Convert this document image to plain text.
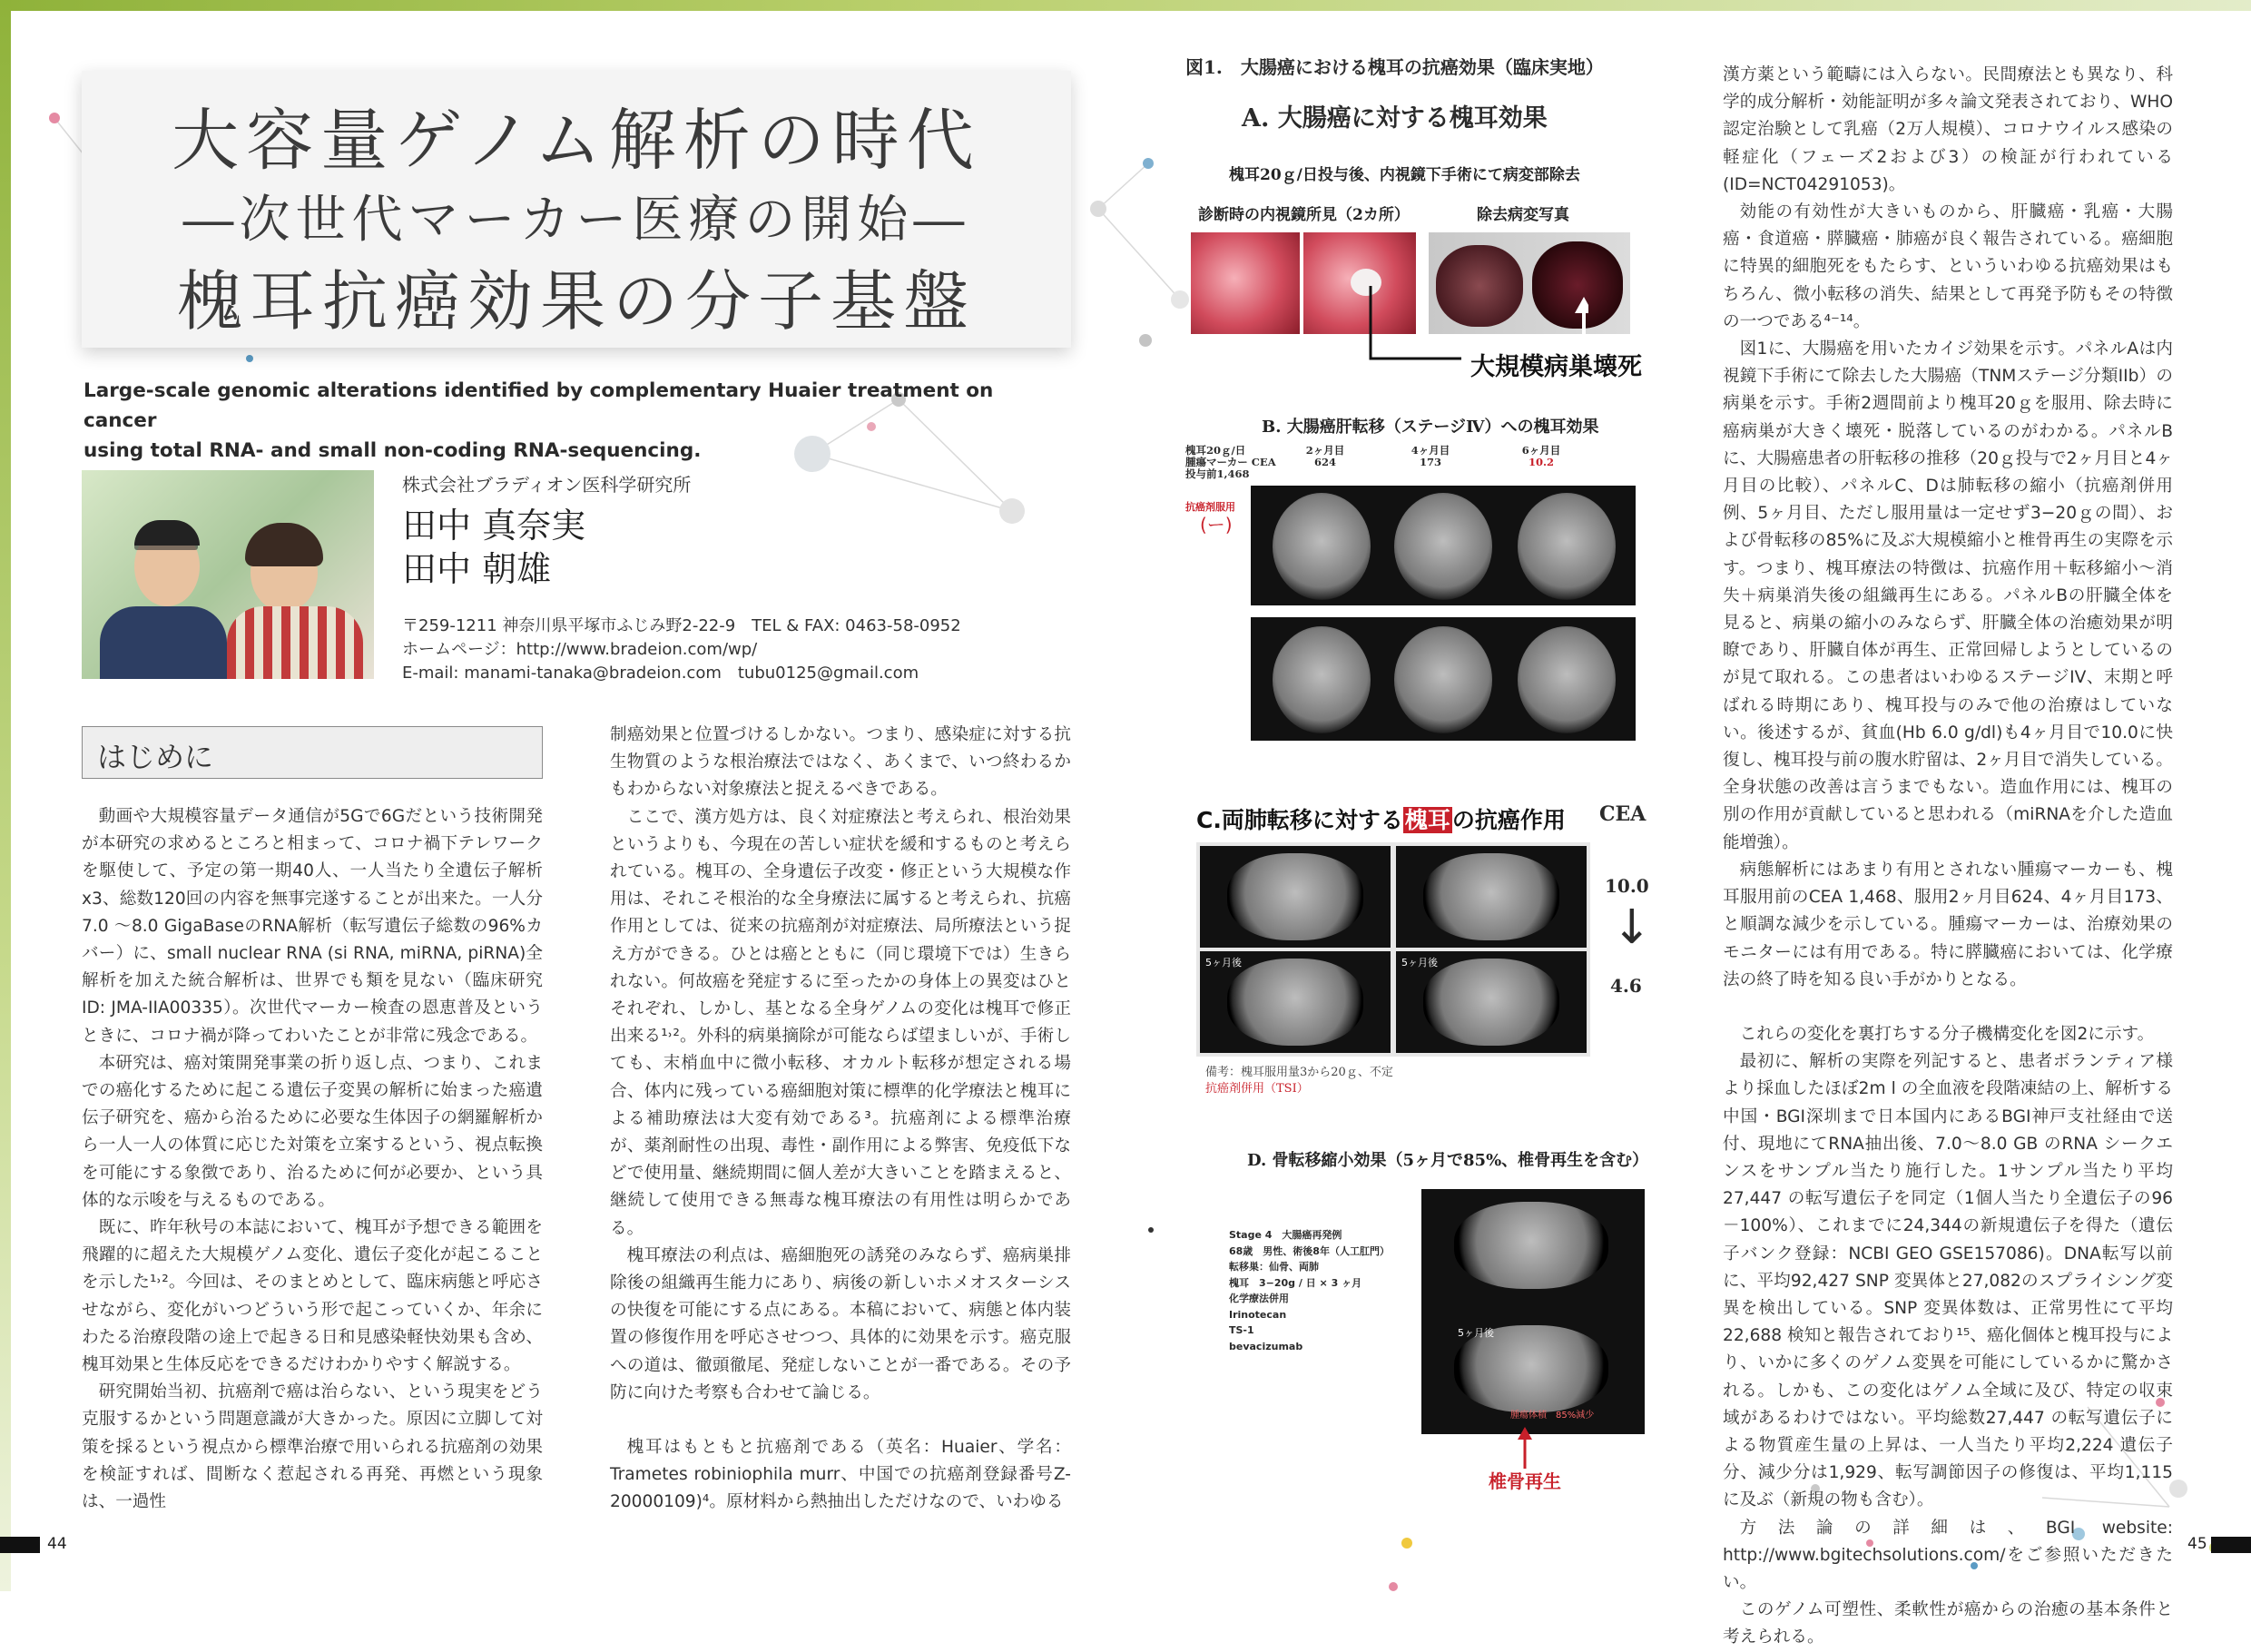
大容量ゲノム解析の時代
―次世代マーカー医療の開始―
槐耳抗癌効果の分子基盤
Large-scale genomic alterations identified by complementary Huaier treatment on cancer
using total RNA- and small non-coding RNA-sequencing.
株式会社ブラディオン医科学研究所
田中 真奈実
田中 朝雄
〒259-1211 神奈川県平塚市ふじみ野2-22-9　TEL & FAX: 0463-58-0952
ホームページ：http://www.bradeion.com/wp/
E-mail: manami-tanaka@bradeion.com　tubu0125@gmail.com
はじめに

動画や大規模容量データ通信が5Gで6Gだという技術開発が本研究の求めるところと相まって、コロナ禍下テレワークを駆使して、予定の第一期40人、一人当たり全遺伝子解析x3、総数120回の内容を無事完遂することが出来た。一人分7.0 ～8.0 GigaBaseのRNA解析（転写遺伝子総数の96%カバー）に、small nuclear RNA (si RNA, miRNA, piRNA)全解析を加えた統合解析は、世界でも類を見ない（臨床研究ID: JMA-IIA00335）。次世代マーカー検査の恩恵普及というときに、コロナ禍が降ってわいたことが非常に残念である。

本研究は、癌対策開発事業の折り返し点、つまり、これまでの癌化するために起こる遺伝子変異の解析に始まった癌遺伝子研究を、癌から治るために必要な生体因子の網羅解析から一人一人の体質に応じた対策を立案するという、視点転換を可能にする象徴であり、治るために何が必要か、という具体的な示唆を与えるものである。

既に、昨年秋号の本誌において、槐耳が予想できる範囲を飛躍的に超えた大規模ゲノム変化、遺伝子変化が起こることを示した¹˒²。今回は、そのまとめとして、臨床病態と呼応させながら、変化がいつどういう形で起こっていくか、年余にわたる治療段階の途上で起きる日和見感染軽快効果も含め、槐耳効果と生体反応をできるだけわかりやすく解説する。

研究開始当初、抗癌剤で癌は治らない、という現実をどう克服するかという問題意識が大きかった。原因に立脚して対策を採るという視点から標準治療で用いられる抗癌剤の効果を検証すれば、間断なく惹起される再発、再燃という現象は、一過性

制癌効果と位置づけるしかない。つまり、感染症に対する抗生物質のような根治療法ではなく、あくまで、いつ終わるかもわからない対象療法と捉えるべきである。

ここで、漢方処方は、良く対症療法と考えられ、根治効果というよりも、今現在の苦しい症状を緩和するものと考えられている。槐耳の、全身遺伝子改変・修正という大規模な作用は、それこそ根治的な全身療法に属すると考えられ、抗癌作用としては、従来の抗癌剤が対症療法、局所療法という捉え方ができる。ひとは癌とともに（同じ環境下では）生きられない。何故癌を発症するに至ったかの身体上の異変はひとそれぞれ、しかし、基となる全身ゲノムの変化は槐耳で修正出来る¹˒²。外科的病巣摘除が可能ならば望ましいが、手術しても、末梢血中に微小転移、オカルト転移が想定される場合、体内に残っている癌細胞対策に標準的化学療法と槐耳による補助療法は大変有効である³。抗癌剤による標準治療が、薬剤耐性の出現、毒性・副作用による弊害、免疫低下などで使用量、継続期間に個人差が大きいことを踏まえると、継続して使用できる無毒な槐耳療法の有用性は明らかである。

槐耳療法の利点は、癌細胞死の誘発のみならず、癌病巣排除後の組織再生能力にあり、病後の新しいホメオスターシスの快復を可能にする点にある。本稿において、病態と体内装置の修復作用を呼応させつつ、具体的に効果を示す。癌克服への道は、徹頭徹尾、発症しないことが一番である。その予防に向けた考察も合わせて論じる。

槐耳はもともと抗癌剤である（英名：Huaier、学名：Trametes robiniophila murr、中国での抗癌剤登録番号Z-20000109)⁴。原材料から熱抽出しただけなので、いわゆる

44
図1.　大腸癌における槐耳の抗癌効果（臨床実地）
A. 大腸癌に対する槐耳効果
槐耳20ｇ/日投与後、内視鏡下手術にて病変部除去
診断時の内視鏡所見（2カ所）	除去病変写真
大規模病巣壊死
B. 大腸癌肝転移（ステージⅣ）への槐耳効果
槐耳20ｇ/日
腫瘍マーカー CEA
投与前1,468
2ヶ月目
624
4ヶ月目
173
6ヶ月目
10.2
抗癌剤服用
(ー)
C.両肺転移に対する槐耳の抗癌作用 CEA
5ヶ月後	5ヶ月後
10.0
↓
4.6
備考：槐耳服用量3から20ｇ、不定
抗癌剤併用（TSI）
D. 骨転移縮小効果（5ヶ月で85%、椎骨再生を含む）
Stage 4　大腸癌再発例
68歳　男性、術後8年（人工肛門）
転移巣：仙骨、両肺
槐耳　3−20g / 日 × 3 ヶ月
化学療法併用
Irinotecan
TS-1
bevacizumab
5ヶ月後
腫瘍体積　85%減少
椎骨再生

漢方薬という範疇には入らない。民間療法とも異なり、科学的成分解析・効能証明が多々論文発表されており、WHO認定治験として乳癌（2万人規模）、コロナウイルス感染の軽症化（フェーズ2および3）の検証が行われている(ID=NCT04291053)。

効能の有効性が大きいものから、肝臓癌・乳癌・大腸癌・食道癌・膵臓癌・肺癌が良く報告されている。癌細胞に特異的細胞死をもたらす、といういわゆる抗癌効果はもちろん、微小転移の消失、結果として再発予防もその特徴の一つである⁴⁻¹⁴。

図1に、大腸癌を用いたカイジ効果を示す。パネルAは内視鏡下手術にて除去した大腸癌（TNMステージ分類IIb）の病巣を示す。手術2週間前より槐耳20ｇを服用、除去時に癌病巣が大きく壊死・脱落しているのがわかる。パネルBに、大腸癌患者の肝転移の推移（20ｇ投与で2ヶ月目と4ヶ月目の比較）、パネルC、Dは肺転移の縮小（抗癌剤併用例、5ヶ月目、ただし服用量は一定せず3−20ｇの間）、および骨転移の85%に及ぶ大規模縮小と椎骨再生の実際を示す。つまり、槐耳療法の特徴は、抗癌作用＋転移縮小～消失＋病巣消失後の組織再生にある。パネルBの肝臓全体を見ると、病巣の縮小のみならず、肝臓全体の治癒効果が明瞭であり、肝臓自体が再生、正常回帰しようとしているのが見て取れる。この患者はいわゆるステージIV、末期と呼ばれる時期にあり、槐耳投与のみで他の治療はしていない。後述するが、貧血(Hb 6.0 g/dl)も4ヶ月目で10.0に快復し、槐耳投与前の腹水貯留は、2ヶ月目で消失している。全身状態の改善は言うまでもない。造血作用には、槐耳の別の作用が貢献していると思われる（miRNAを介した造血能増強）。

病態解析にはあまり有用とされない腫瘍マーカーも、槐耳服用前のCEA 1,468、服用2ヶ月目624、4ヶ月目173、と順調な減少を示している。腫瘍マーカーは、治療効果のモニターには有用である。特に膵臓癌においては、化学療法の終了時を知る良い手がかりとなる。

これらの変化を裏打ちする分子機構変化を図2に示す。

最初に、解析の実際を列記すると、患者ボランティア様より採血したほぼ2m l の全血液を段階凍結の上、解析する中国・BGI深圳まで日本国内にあるBGI神戸支社経由で送付、現地にてRNA抽出後、7.0～8.0 GB のRNA シークエンスをサンプル当たり施行した。1サンプル当たり平均27,447 の転写遺伝子を同定（1個人当たり全遺伝子の96－100%）、これまでに24,344の新規遺伝子を得た（遺伝子バンク登録：NCBI GEO GSE157086)。DNA転写以前に、平均92,427 SNP 変異体と27,082のスプライシング変異を検出している。SNP 変異体数は、正常男性にて平均22,688 検知と報告されており¹⁵、癌化個体と槐耳投与により、いかに多くのゲノム変異を可能にしているかに驚かされる。しかも、この変化はゲノム全域に及び、特定の収束域があるわけではない。平均総数27,447 の転写遺伝子による物質産生量の上昇は、一人当たり平均2,224 遺伝子分、減少分は1,929、転写調節因子の修復は、平均1,115に及ぶ（新規の物も含む）。

方法論の詳細は、BGI website: http://www.bgitechsolutions.com/をご参照いただきたい。

このゲノム可塑性、柔軟性が癌からの治癒の基本条件と考えられる。

45
